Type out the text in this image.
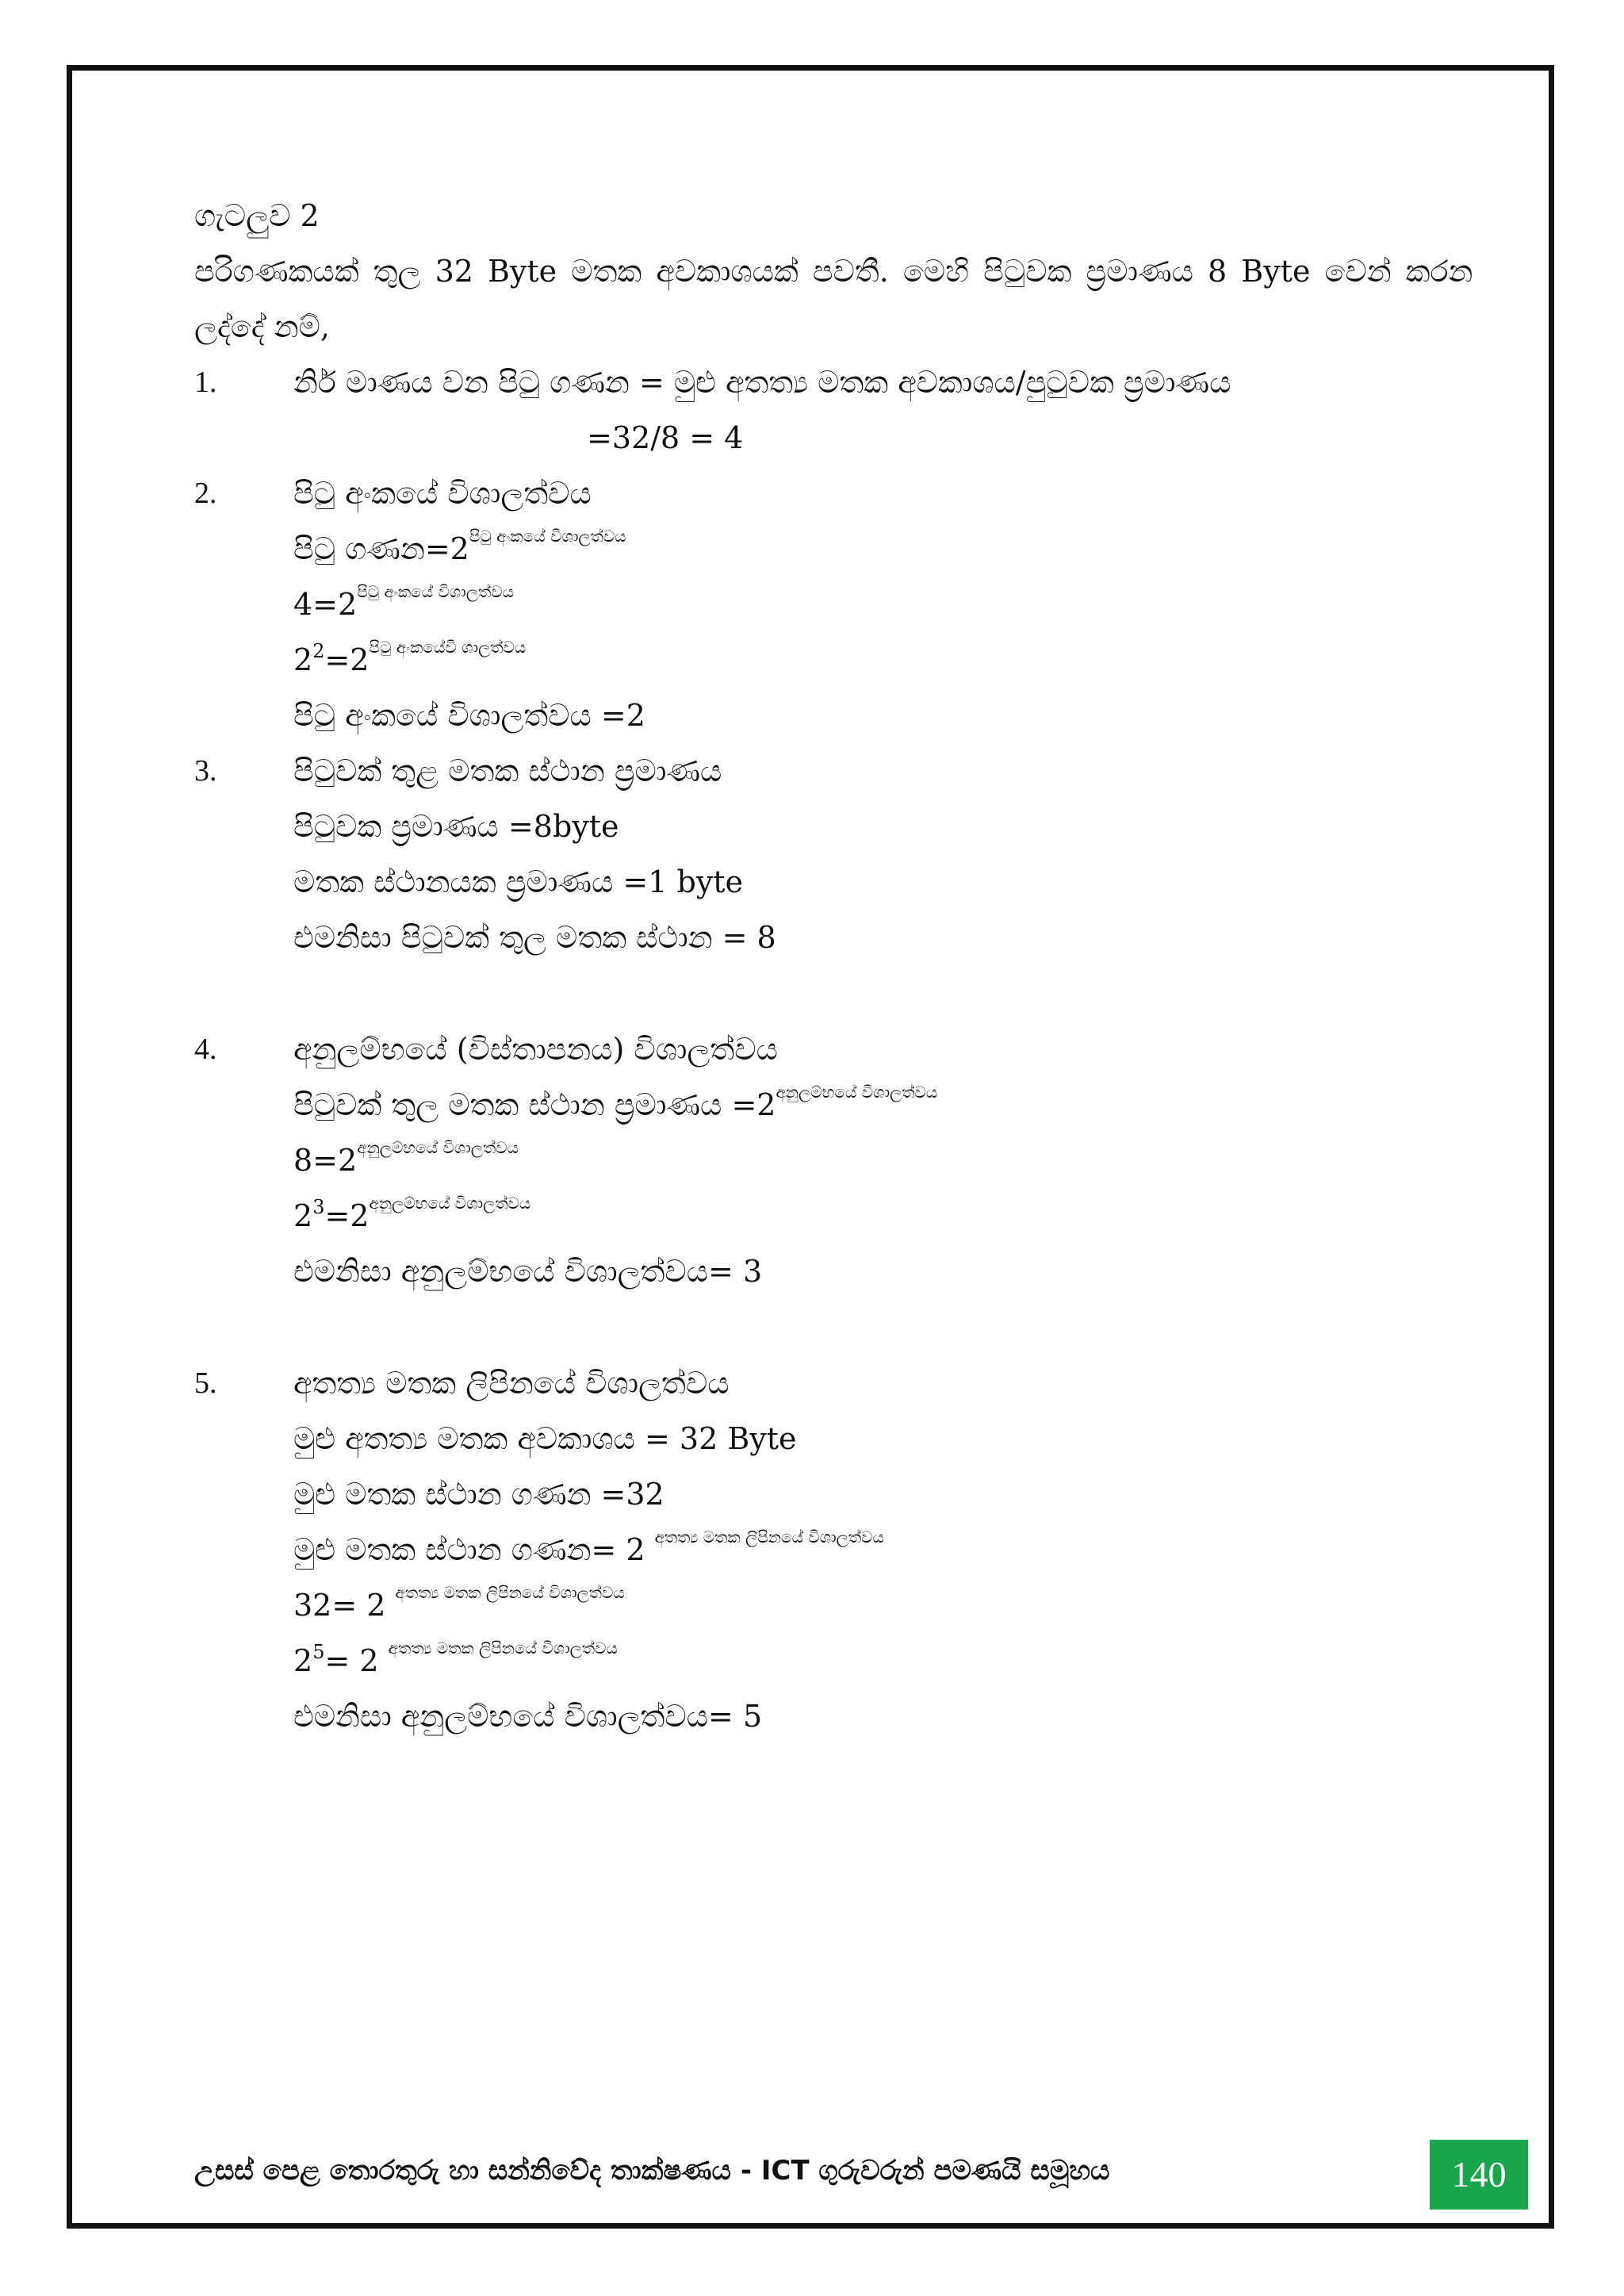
ගැටලුව 2
පරිගණකයක් තුල 32 Byte මතක අවකාශයක් පවතී. මෙහි පිටුවක ප්‍රමාණය 8 Byte වෙන් කරන
ලද්දේ නම්,
1.	නිර් මාණය වන පිටු ගණන = මුළු අතත්‍ය මතක අවකාශය/පුටුවක ප්‍රමාණය
=32/8 = 4
2.	පිටු අංකයේ විශාලත්වය
පිටු $ගණන=2^{පිටු අංකයේ විශාලත්වය}$
$4=2^{පිටු අංකයේ විශාලත්වය}$
$2^2=2^{පිටු අංකයේවි ශාලත්වය}$
පිටු අංකයේ විශාලත්වය =2
3.	පිටුවක් තුළ මතක ස්ථාන ප්‍රමාණය
පිටුවක ප්‍රමාණය =8byte
මතක ස්ථානයක ප්‍රමාණය =1 byte
එමනිසා පිටුවක් තුල මතක ස්ථාන = 8
4.	අනුලම්භයේ (විස්තාපනය) විශාලත්වය
පිටුවක් තුල මතක ස්ථාන ප්‍රමාණය $=2^{අනුලම්භයේ විශාලත්වය}$
$8=2^{අනුලම්භයේ විශාලත්වය}$
$2^3=2^{අනුලම්භයේ විශාලත්වය}$
එමනිසා අනුලම්භයේ විශාලත්වය= 3
5.	අතත්‍ය මතක ලිපිනයේ විශාලත්වය
මුළු අතත්‍ය මතක අවකාශය = 32 Byte
මුළු මතක ස්ථාන ගණන =32
මුළු මතක ස්ථාන ගණන= 2 $^{අතත්‍ය මතක ලිපිනයේ විශාලත්වය}$
32= 2 $^{අතත්‍ය මතක ලිපිනයේ විශාලත්වය}$
$2^5= 2$ $^{අතත්‍ය මතක ලිපිනයේ විශාලත්වය}$
එමනිසා අනුලම්භයේ විශාලත්වය= 5
උසස් පෙළ තොරතුරු හා සන්නිවේද තාක්ෂණය - ICT ගුරුවරුන් පමණයි සමූහය	140
